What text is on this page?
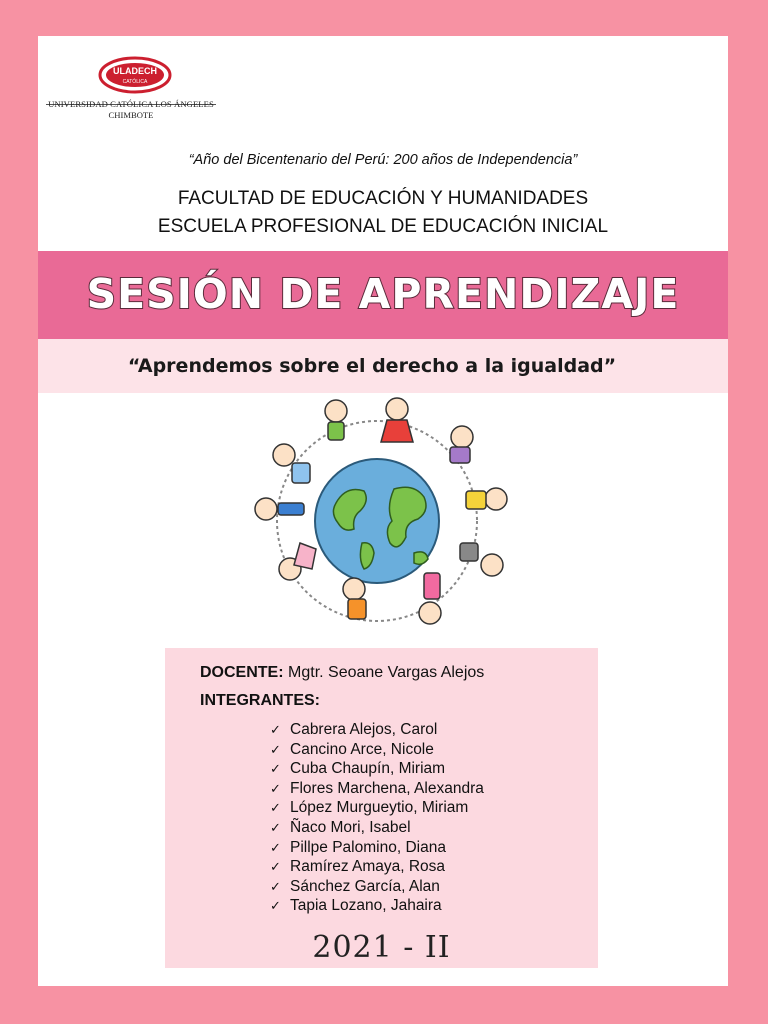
ULADECH
CATÓLICA
UNIVERSIDAD CATÓLICA LOS ÁNGELES
CHIMBOTE
“Año del Bicentenario del Perú: 200 años de Independencia”
FACULTAD DE EDUCACIÓN Y HUMANIDADES
ESCUELA PROFESIONAL DE EDUCACIÓN INICIAL
SESIÓN DE APRENDIZAJE
“Aprendemos sobre el derecho a la igualdad”
DOCENTE: Mgtr. Seoane Vargas Alejos
INTEGRANTES:
✓ Cabrera Alejos, Carol
✓ Cancino Arce, Nicole
✓ Cuba Chaupín, Miriam
✓ Flores Marchena, Alexandra
✓ López Murgueytio, Miriam
✓ Ñaco Mori, Isabel
✓ Pillpe Palomino, Diana
✓ Ramírez Amaya, Rosa
✓ Sánchez García, Alan
✓ Tapia Lozano, Jahaira
2021 - II
